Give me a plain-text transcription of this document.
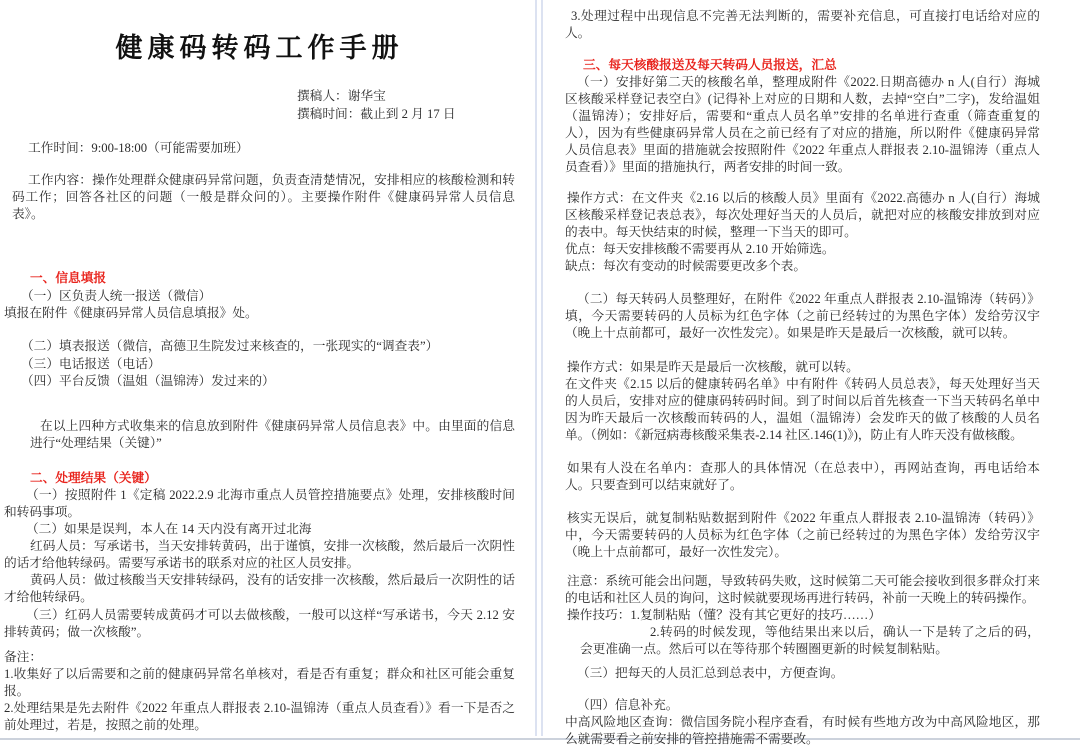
健康码转码工作手册

撰稿人：谢华宝

撰稿时间：截止到 2 月 17 日

工作时间：9:00-18:00（可能需要加班）

工作内容：操作处理群众健康码异常问题，负责查清楚情况，安排相应的核酸检测和转码工作；回答各社区的问题（一般是群众问的）。主要操作附件《健康码异常人员信息表》。

一、信息填报

（一）区负责人统一报送（微信）

填报在附件《健康码异常人员信息填报》处。

（二）填表报送（微信，高德卫生院发过来核查的，一张现实的“调查表”）

（三）电话报送（电话）

（四）平台反馈（温姐（温锦涛）发过来的）

在以上四种方式收集来的信息放到附件《健康码异常人员信息表》中。由里面的信息进行“处理结果（关键）”

二、处理结果（关键）

（一）按照附件 1《定稿 2022.2.9 北海市重点人员管控措施要点》处理，安排核酸时间和转码事项。

（二）如果是误判，本人在 14 天内没有离开过北海

红码人员：写承诺书，当天安排转黄码，出于谨慎，安排一次核酸，然后最后一次阴性的话才给他转绿码。需要写承诺书的联系对应的社区人员安排。

黄码人员：做过核酸当天安排转绿码，没有的话安排一次核酸，然后最后一次阴性的话才给他转绿码。

（三）红码人员需要转成黄码才可以去做核酸，一般可以这样“写承诺书，今天 2.12 安排转黄码；做一次核酸”。

备注：

1.收集好了以后需要和之前的健康码异常名单核对，看是否有重复；群众和社区可能会重复报。

2.处理结果是先去附件《2022 年重点人群报表 2.10-温锦涛（重点人员查看）》看一下是否之前处理过，若是，按照之前的处理。

3.处理过程中出现信息不完善无法判断的，需要补充信息，可直接打电话给对应的人。

三、每天核酸报送及每天转码人员报送，汇总

（一）安排好第二天的核酸名单，整理成附件《2022.日期高德办 n 人(自行）海城区核酸采样登记表空白》(记得补上对应的日期和人数，去掉“空白”二字)，发给温姐（温锦涛）；安排好后，需要和“重点人员名单”安排的名单进行查重（筛查重复的人），因为有些健康码异常人员在之前已经有了对应的措施，所以附件《健康码异常人员信息表》里面的措施就会按照附件《2022 年重点人群报表 2.10-温锦涛（重点人员查看）》里面的措施执行，两者安排的时间一致。

操作方式：在文件夹《2.16 以后的核酸人员》里面有《2022.高德办 n 人(自行）海城区核酸采样登记表总表》，每次处理好当天的人员后，就把对应的核酸安排放到对应的表中。每天快结束的时候，整理一下当天的即可。

优点：每天安排核酸不需要再从 2.10 开始筛选。

缺点：每次有变动的时候需要更改多个表。

（二）每天转码人员整理好，在附件《2022 年重点人群报表 2.10-温锦涛（转码）》填，今天需要转码的人员标为红色字体（之前已经转过的为黑色字体）发给劳汉宇（晚上十点前都可，最好一次性发完）。如果是昨天是最后一次核酸，就可以转。

操作方式：如果是昨天是最后一次核酸，就可以转。

在文件夹《2.15 以后的健康转码名单》中有附件《转码人员总表》，每天处理好当天的人员后，安排对应的健康码转码时间。到了时间以后首先核查一下当天转码名单中因为昨天最后一次核酸而转码的人，温姐（温锦涛）会发昨天的做了核酸的人员名单。（例如：《新冠病毒核酸采集表-2.14 社区.146(1)》)，防止有人昨天没有做核酸。

如果有人没在名单内：查那人的具体情况（在总表中），再网站查询，再电话给本人。只要查到可以结束就好了。

核实无误后，就复制粘贴数据到附件《2022 年重点人群报表 2.10-温锦涛（转码）》中，今天需要转码的人员标为红色字体（之前已经转过的为黑色字体）发给劳汉宇（晚上十点前都可，最好一次性发完）。

注意：系统可能会出问题，导致转码失败，这时候第二天可能会接收到很多群众打来的电话和社区人员的询问，这时候就要现场再进行转码，补前一天晚上的转码操作。

操作技巧：1.复制粘贴（懂？没有其它更好的技巧……）

2.转码的时候发现，等他结果出来以后，确认一下是转了之后的码，会更准确一点。然后可以在等待那个转圈圈更新的时候复制粘贴。

（三）把每天的人员汇总到总表中，方便查询。

（四）信息补充。

中高风险地区查询：微信国务院小程序查看，有时候有些地方改为中高风险地区，那么就需要看之前安排的管控措施需不需要改。
